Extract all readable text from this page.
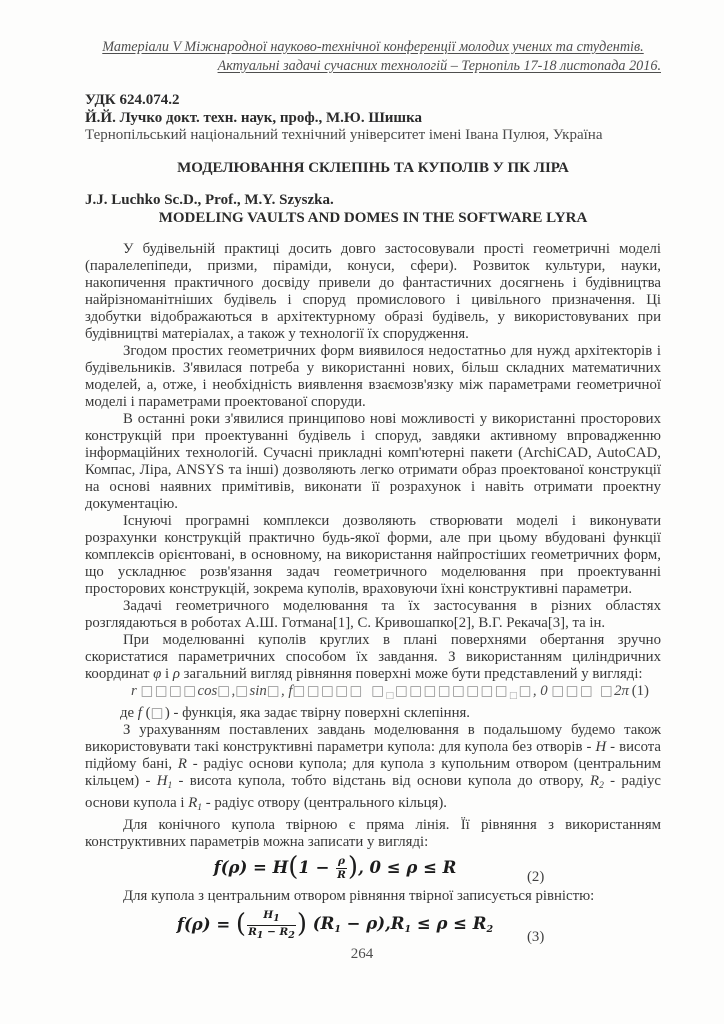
Матеріали V Міжнародної науково-технічної конференції молодих учених та студентів.
Актуальні задачі сучасних технологій – Тернопіль 17-18 листопада 2016.
УДК 624.074.2
Й.Й. Лучко докт. техн. наук, проф., М.Ю. Шишка
Тернопільський національний технічний університет імені Івана Пулюя, Україна
МОДЕЛЮВАННЯ СКЛЕПІНЬ ТА КУПОЛІВ У ПК ЛІРА
J.J. Luchko Sc.D., Prof., M.Y. Szyszka.
MODELING VAULTS AND DOMES IN THE SOFTWARE LYRA

У будівельній практиці досить довго застосовували прості геометричні моделі (паралелепіпеди, призми, піраміди, конуси, сфери). Розвиток культури, науки, накопичення практичного досвіду привели до фантастичних досягнень і будівництва найрізноманітніших будівель і споруд промислового і цивільного призначення. Ці здобутки відображаються в архітектурному образі будівель, у використовуваних при будівництві матеріалах, а також у технології їх спорудження.

Згодом простих геометричних форм виявилося недостатньо для нужд архітекторів і будівельників. З'явилася потреба у використанні нових, більш складних математичних моделей, а, отже, і необхідність виявлення взаємозв'язку між параметрами геометричної моделі і параметрами проектованої споруди.

В останні роки з'явилися принципово нові можливості у використанні просторових конструкцій при проектуванні будівель і споруд, завдяки активному впровадженню інформаційних технологій. Сучасні прикладні комп'ютерні пакети (ArchiCAD, AutoCAD, Компас, Ліра, ANSYS та інші) дозволяють легко отримати образ проектованої конструкції на основі наявних примітивів, виконати її розрахунок і навіть отримати проектну документацію.

Існуючі програмні комплекси дозволяють створювати моделі і виконувати розрахунки конструкцій практично будь-якої форми, але при цьому вбудовані функції комплексів орієнтовані, в основному, на використання найпростіших геометричних форм, що ускладнює розв'язання задач геометричного моделювання при проектуванні просторових конструкцій, зокрема куполів, враховуючи їхні конструктивні параметри.

Задачі геометричного моделювання та їх застосування в різних областях розглядаються в роботах А.Ш. Готмана[1], С. Кривошапко[2], В.Г. Рекача[3], та ін.

При моделюванні куполів круглих в плані поверхнями обертання зручно скористатися параметричних способом їх завдання. З використанням циліндричних координат φ і ρ загальний вигляд рівняння поверхні може бути представлений у вигляді:

r □□□□cos□,□sin□, f□□□□□ $□_□□□□□□□□□_□□$, 0 □□□ □2π (1)

де f (□) - функція, яка задає твірну поверхні склепіння.

З урахуванням поставлених завдань моделювання в подальшому будемо також використовувати такі конструктивні параметри купола: для купола без отворів - H - висота підйому бані, R - радіус основи купола; для купола з купольним отвором (центральним кільцем) - $H_1$ - висота купола, тобто відстань від основи купола до отвору, $R_2$ - радіус основи купола і $R_1$ - радіус отвору (центрального кільця).

Для конічного купола твірною є пряма лінія. Її рівняння з використанням конструктивних параметрів можна записати у вигляді:

f(ρ) = H ( $1 - \frac{\rho}{R}$ ) , 0 ≤ ρ ≤ R
(2)

Для купола з центральним отвором рівняння твірної записується рівністю:

f(ρ) = ( $\frac{H1}{R1 - R2}$ ) $(R_1 - \rho),R_1 \le \rho \le R_2$ (3)
264
